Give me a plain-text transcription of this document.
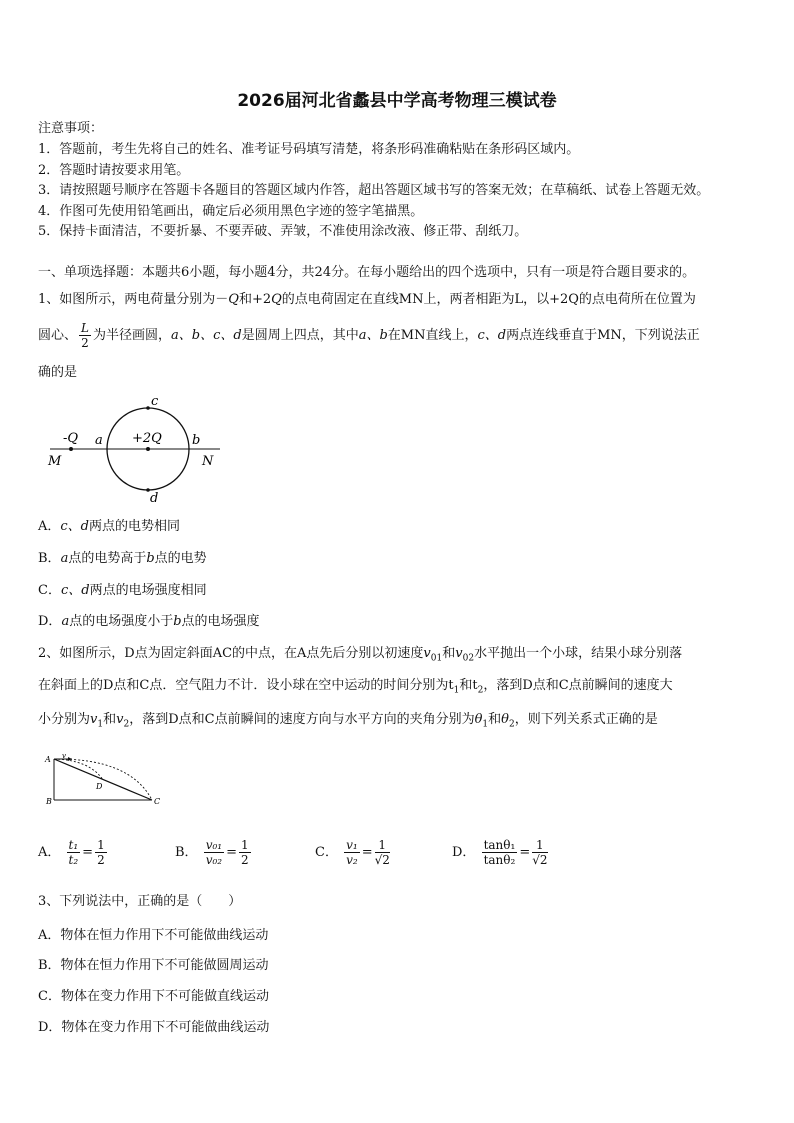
2026届河北省蠡县中学高考物理三模试卷
注意事项：
1．答题前，考生先将自己的姓名、准考证号码填写清楚，将条形码准确粘贴在条形码区域内。
2．答题时请按要求用笔。
3．请按照题号顺序在答题卡各题目的答题区域内作答，超出答题区域书写的答案无效；在草稿纸、试卷上答题无效。
4．作图可先使用铅笔画出，确定后必须用黑色字迹的签字笔描黑。
5．保持卡面清洁，不要折暴、不要弄破、弄皱，不准使用涂改液、修正带、刮纸刀。
一、单项选择题：本题共6小题，每小题4分，共24分。在每小题给出的四个选项中，只有一项是符合题目要求的。
1、如图所示，两电荷量分别为－Q和+2Q的点电荷固定在直线MN上，两者相距为L，以+2Q的点电荷所在位置为
圆心、 $\frac{L}{2}$ 为半径画圆，a、b、c、d是圆周上四点，其中a、b在MN直线上，c、d两点连线垂直于MN，下列说法正
确的是
c
d
a	b
-Q	+2Q
M	N
A．c、d两点的电势相同
B．a点的电势高于b点的电势
C．c、d两点的电场强度相同
D．a点的电场强度小于b点的电场强度
2、如图所示，D点为固定斜面AC的中点，在A点先后分别以初速度$v_{01}$和$v_{02}$水平抛出一个小球，结果小球分别落
在斜面上的D点和C点．空气阻力不计．设小球在空中运动的时间分别为$t_1$和$t_2$，落到D点和C点前瞬间的速度大
小分别为$v_1$和$v_2$，落到D点和C点前瞬间的速度方向与水平方向的夹角分别为$\theta_1$和$\theta_2$，则下列关系式正确的是
A
B	C
D
v
A． $\frac{\text{t₁}}{\text{t₂}} = \frac{1}{2}$	B． $\frac{\text{v₀₁}}{\text{v₀₂}} = \frac{1}{2}$	C． $\frac{\text{v₁}}{\text{v₂}} = \frac{1}{√2}$	D． $\frac{\text{tanθ₁}}{\text{tanθ₂}} = \frac{1}{√2}$
3、下列说法中，正确的是（　　）
A．物体在恒力作用下不可能做曲线运动
B．物体在恒力作用下不可能做圆周运动
C．物体在变力作用下不可能做直线运动
D．物体在变力作用下不可能做曲线运动
